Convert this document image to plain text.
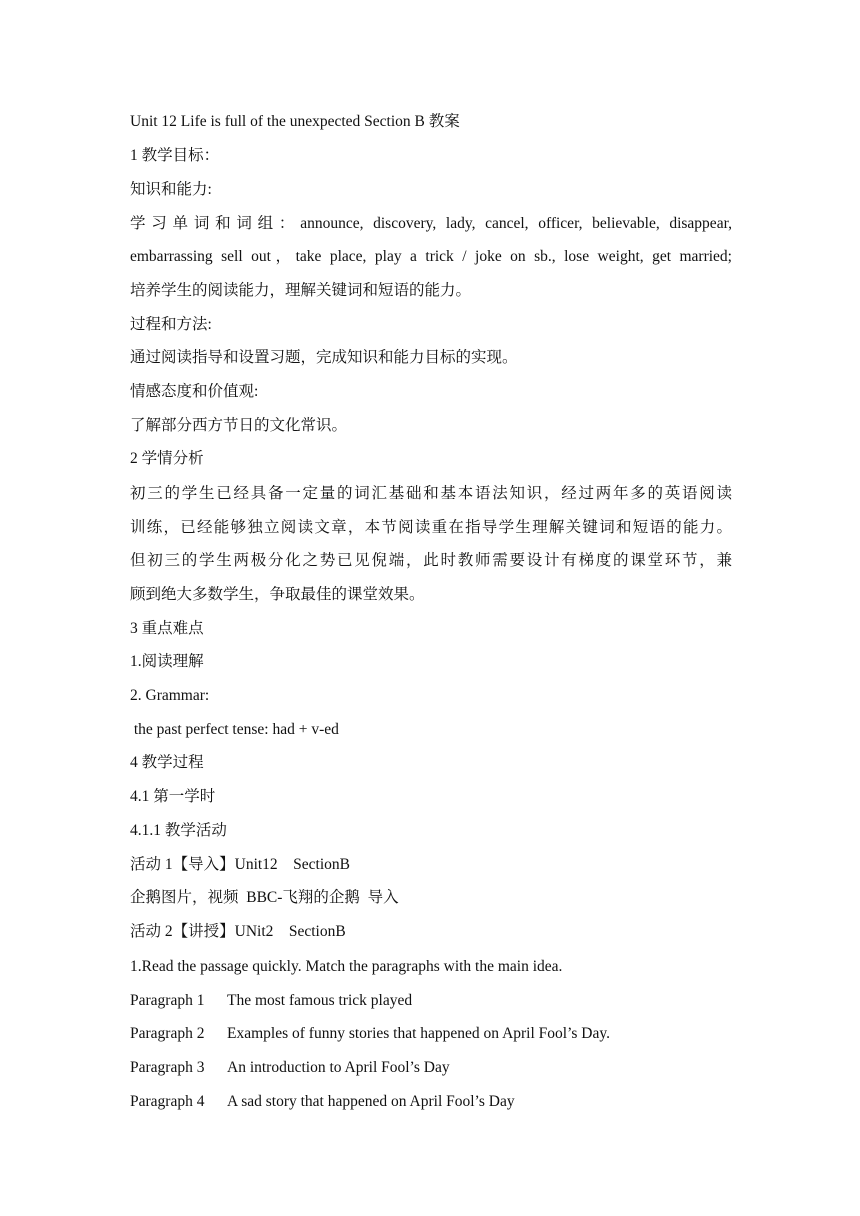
Unit 12 Life is full of the unexpected Section B 教案
1 教学目标：
知识和能力:
学习单词和词组：announce, discovery, lady, cancel, officer, believable, disappear,
embarrassing sell out，take place, play a trick / joke on sb., lose weight, get married;
培养学生的阅读能力，理解关键词和短语的能力。
过程和方法:
通过阅读指导和设置习题，完成知识和能力目标的实现。
情感态度和价值观:
了解部分西方节日的文化常识。
2 学情分析
初三的学生已经具备一定量的词汇基础和基本语法知识，经过两年多的英语阅读
训练，已经能够独立阅读文章，本节阅读重在指导学生理解关键词和短语的能力。
但初三的学生两极分化之势已见倪端，此时教师需要设计有梯度的课堂环节，兼
顾到绝大多数学生，争取最佳的课堂效果。
3 重点难点
1.阅读理解
2. Grammar:
the past perfect tense: had + v-ed
4 教学过程
4.1 第一学时
4.1.1 教学活动
活动 1【导入】Unit12    SectionB
企鹅图片，视频  BBC-飞翔的企鹅  导入
活动 2【讲授】UNit2    SectionB
1.Read the passage quickly. Match the paragraphs with the main idea.
Paragraph 1 The most famous trick played
Paragraph 2 Examples of funny stories that happened on April Fool’s Day.
Paragraph 3 An introduction to April Fool’s Day
Paragraph 4 A sad story that happened on April Fool’s Day
